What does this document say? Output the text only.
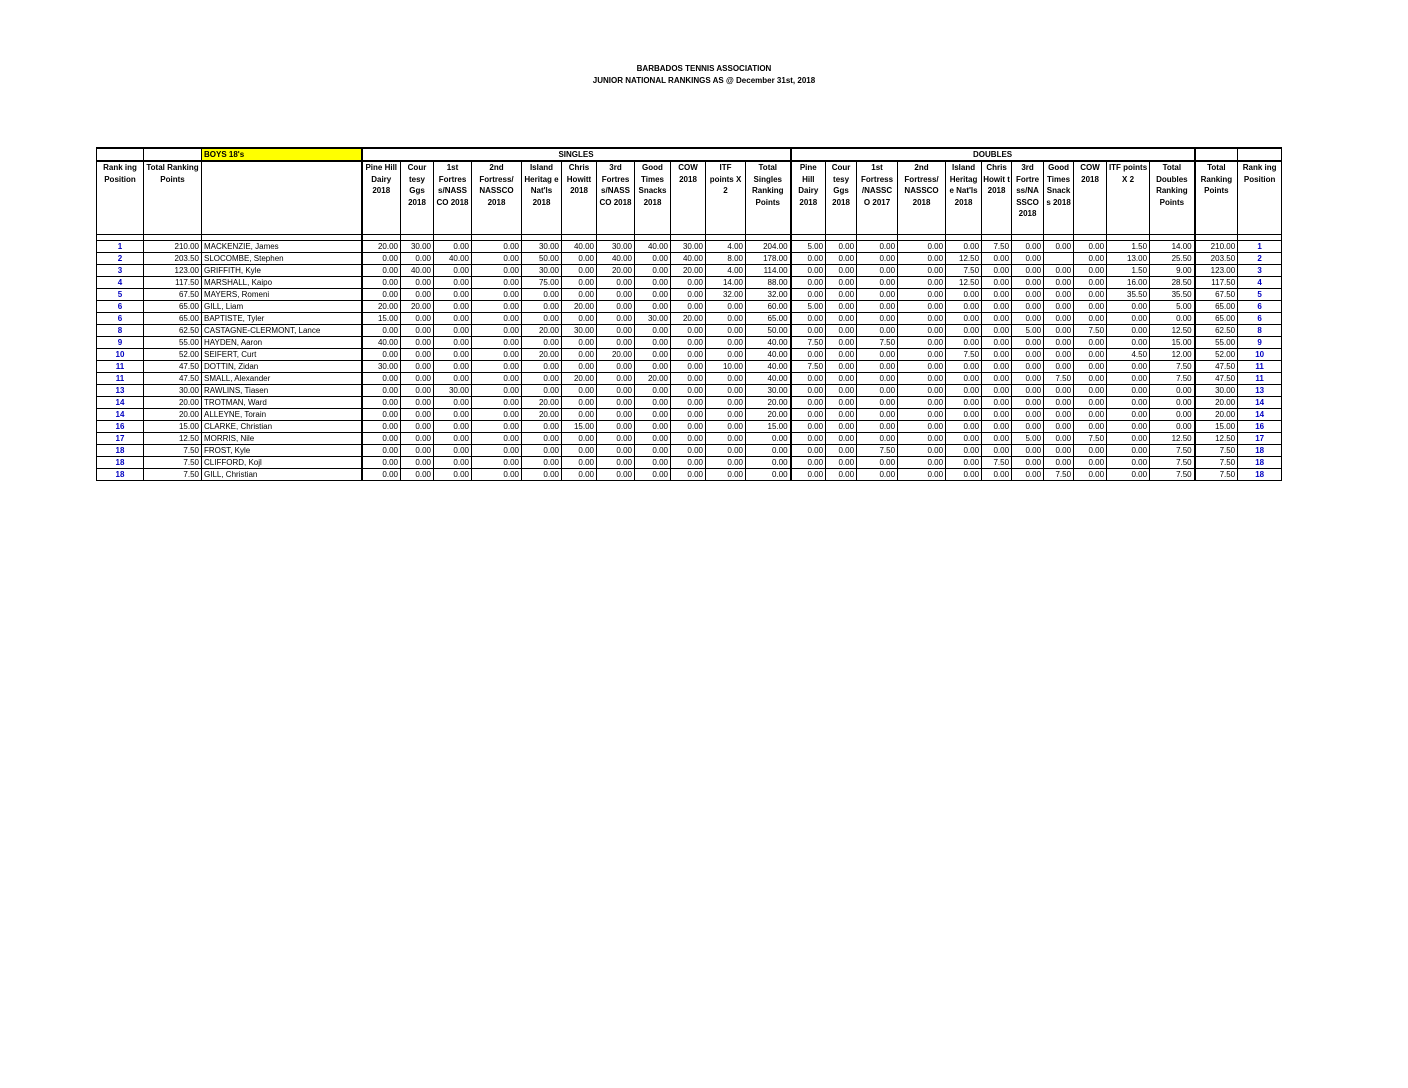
BARBADOS TENNIS ASSOCIATION
JUNIOR NATIONAL RANKINGS AS @ December 31st, 2018
		BOYS 18's	SINGLES											DOUBLES												
Rank ing Position	Total Ranking Points		Pine Hill Dairy 2018	Cour tesy Ggs 2018	1st Fortres s/NASS CO 2018	2nd Fortress/ NASSCO 2018	Island Heritag e Nat'ls 2018	Chris Howitt 2018	3rd Fortres s/NASS CO 2018	Good Times Snacks 2018	COW 2018	ITF points X 2	Total Singles Ranking Points	Pine Hill Dairy 2018	Cour tesy Ggs 2018	1st Fortress /NASSC O 2017	2nd Fortress/ NASSCO 2018	Island Heritag e Nat'ls 2018	Chris Howit t 2018	3rd Fortre ss/NA SSCO 2018	Good Times Snack s 2018	COW 2018	ITF points X 2	Total Doubles Ranking Points	Total Ranking Points	Rank ing Position

1	210.00	MACKENZIE, James	20.00	30.00	0.00	0.00	30.00	40.00	30.00	40.00	30.00	4.00	204.00	5.00	0.00	0.00	0.00	0.00	7.50	0.00	0.00	0.00	1.50	14.00	210.00	1
2	203.50	SLOCOMBE, Stephen	0.00	0.00	40.00	0.00	50.00	0.00	40.00	0.00	40.00	8.00	178.00	0.00	0.00	0.00	0.00	12.50	0.00	0.00		0.00	13.00	25.50	203.50	2
3	123.00	GRIFFITH, Kyle	0.00	40.00	0.00	0.00	30.00	0.00	20.00	0.00	20.00	4.00	114.00	0.00	0.00	0.00	0.00	7.50	0.00	0.00	0.00	0.00	1.50	9.00	123.00	3
4	117.50	MARSHALL, Kaipo	0.00	0.00	0.00	0.00	75.00	0.00	0.00	0.00	0.00	14.00	88.00	0.00	0.00	0.00	0.00	12.50	0.00	0.00	0.00	0.00	16.00	28.50	117.50	4
5	67.50	MAYERS, Romeni	0.00	0.00	0.00	0.00	0.00	0.00	0.00	0.00	0.00	32.00	32.00	0.00	0.00	0.00	0.00	0.00	0.00	0.00	0.00	0.00	35.50	35.50	67.50	5
6	65.00	GILL, Liam	20.00	20.00	0.00	0.00	0.00	20.00	0.00	0.00	0.00	0.00	60.00	5.00	0.00	0.00	0.00	0.00	0.00	0.00	0.00	0.00	0.00	5.00	65.00	6
6	65.00	BAPTISTE, Tyler	15.00	0.00	0.00	0.00	0.00	0.00	0.00	30.00	20.00	0.00	65.00	0.00	0.00	0.00	0.00	0.00	0.00	0.00	0.00	0.00	0.00	0.00	65.00	6
8	62.50	CASTAGNE-CLERMONT, Lance	0.00	0.00	0.00	0.00	20.00	30.00	0.00	0.00	0.00	0.00	50.00	0.00	0.00	0.00	0.00	0.00	0.00	5.00	0.00	7.50	0.00	12.50	62.50	8
9	55.00	HAYDEN, Aaron	40.00	0.00	0.00	0.00	0.00	0.00	0.00	0.00	0.00	0.00	40.00	7.50	0.00	7.50	0.00	0.00	0.00	0.00	0.00	0.00	0.00	15.00	55.00	9
10	52.00	SEIFERT, Curt	0.00	0.00	0.00	0.00	20.00	0.00	20.00	0.00	0.00	0.00	40.00	0.00	0.00	0.00	0.00	7.50	0.00	0.00	0.00	0.00	4.50	12.00	52.00	10
11	47.50	DOTTIN, Zidan	30.00	0.00	0.00	0.00	0.00	0.00	0.00	0.00	0.00	10.00	40.00	7.50	0.00	0.00	0.00	0.00	0.00	0.00	0.00	0.00	0.00	7.50	47.50	11
11	47.50	SMALL, Alexander	0.00	0.00	0.00	0.00	0.00	20.00	0.00	20.00	0.00	0.00	40.00	0.00	0.00	0.00	0.00	0.00	0.00	0.00	7.50	0.00	0.00	7.50	47.50	11
13	30.00	RAWLINS, Tiasen	0.00	0.00	30.00	0.00	0.00	0.00	0.00	0.00	0.00	0.00	30.00	0.00	0.00	0.00	0.00	0.00	0.00	0.00	0.00	0.00	0.00	0.00	30.00	13
14	20.00	TROTMAN, Ward	0.00	0.00	0.00	0.00	20.00	0.00	0.00	0.00	0.00	0.00	20.00	0.00	0.00	0.00	0.00	0.00	0.00	0.00	0.00	0.00	0.00	0.00	20.00	14
14	20.00	ALLEYNE, Torain	0.00	0.00	0.00	0.00	20.00	0.00	0.00	0.00	0.00	0.00	20.00	0.00	0.00	0.00	0.00	0.00	0.00	0.00	0.00	0.00	0.00	0.00	20.00	14
16	15.00	CLARKE, Christian	0.00	0.00	0.00	0.00	0.00	15.00	0.00	0.00	0.00	0.00	15.00	0.00	0.00	0.00	0.00	0.00	0.00	0.00	0.00	0.00	0.00	0.00	15.00	16
17	12.50	MORRIS, Nile	0.00	0.00	0.00	0.00	0.00	0.00	0.00	0.00	0.00	0.00	0.00	0.00	0.00	0.00	0.00	0.00	0.00	5.00	0.00	7.50	0.00	12.50	12.50	17
18	7.50	FROST, Kyle	0.00	0.00	0.00	0.00	0.00	0.00	0.00	0.00	0.00	0.00	0.00	0.00	0.00	7.50	0.00	0.00	0.00	0.00	0.00	0.00	0.00	7.50	7.50	18
18	7.50	CLIFFORD, Kojl	0.00	0.00	0.00	0.00	0.00	0.00	0.00	0.00	0.00	0.00	0.00	0.00	0.00	0.00	0.00	0.00	7.50	0.00	0.00	0.00	0.00	7.50	7.50	18
18	7.50	GILL, Christian	0.00	0.00	0.00	0.00	0.00	0.00	0.00	0.00	0.00	0.00	0.00	0.00	0.00	0.00	0.00	0.00	0.00	0.00	7.50	0.00	0.00	7.50	7.50	18
